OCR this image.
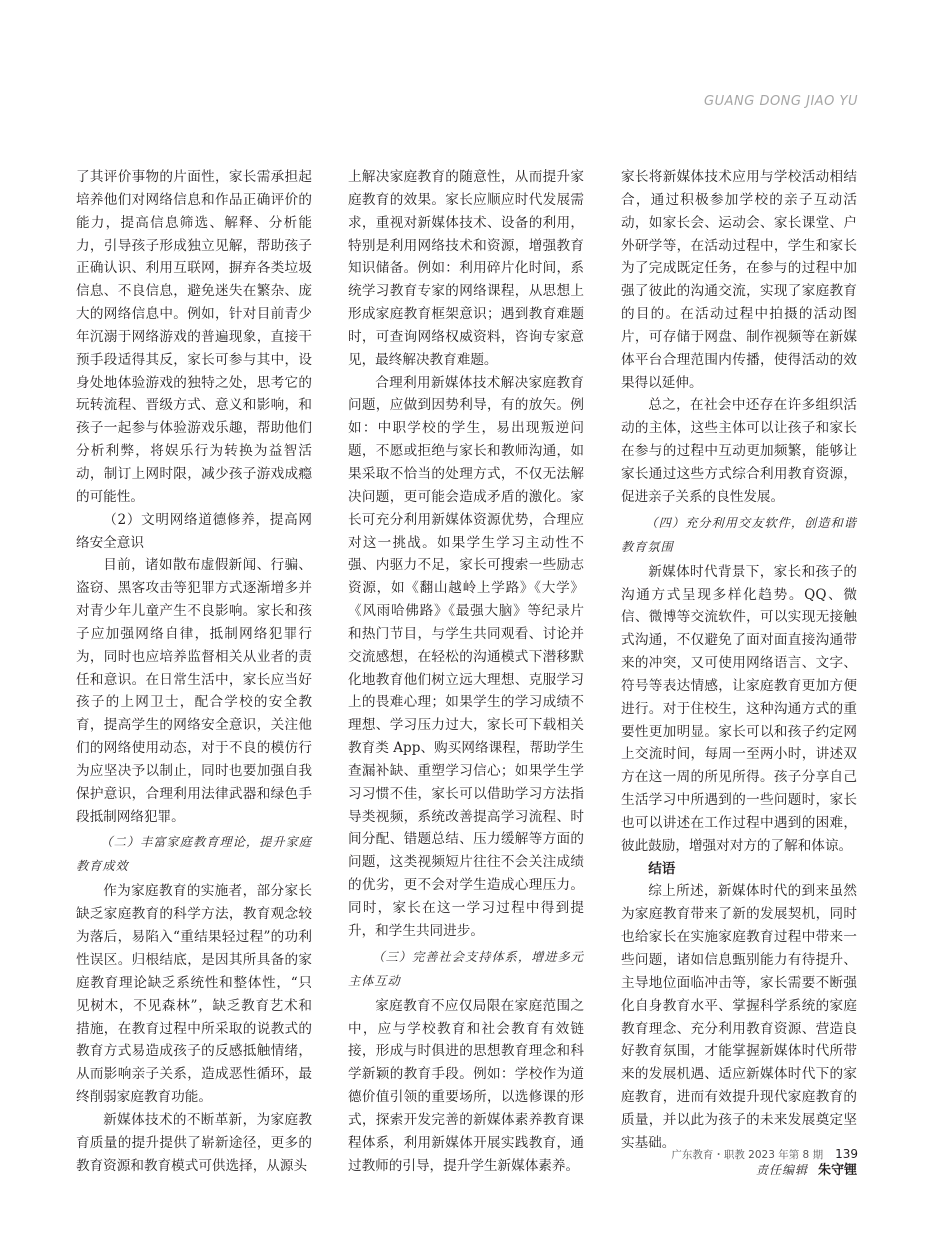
GUANG DONG JIAO YU

了其评价事物的片面性，家长需承担起培养他们对网络信息和作品正确评价的能力，提高信息筛选、解释、分析能力，引导孩子形成独立见解，帮助孩子正确认识、利用互联网，摒弃各类垃圾信息、不良信息，避免迷失在繁杂、庞大的网络信息中。例如，针对目前青少年沉溺于网络游戏的普遍现象，直接干预手段适得其反，家长可参与其中，设身处地体验游戏的独特之处，思考它的玩转流程、晋级方式、意义和影响，和孩子一起参与体验游戏乐趣，帮助他们分析利弊，将娱乐行为转换为益智活动，制订上网时限，减少孩子游戏成瘾的可能性。

（2）文明网络道德修养，提高网络安全意识

目前，诸如散布虚假新闻、行骗、盗窃、黑客攻击等犯罪方式逐渐增多并对青少年儿童产生不良影响。家长和孩子应加强网络自律，抵制网络犯罪行为，同时也应培养监督相关从业者的责任和意识。在日常生活中，家长应当好孩子的上网卫士，配合学校的安全教育，提高学生的网络安全意识，关注他们的网络使用动态，对于不良的模仿行为应坚决予以制止，同时也要加强自我保护意识，合理利用法律武器和绿色手段抵制网络犯罪。

（二）丰富家庭教育理论，提升家庭教育成效

作为家庭教育的实施者，部分家长缺乏家庭教育的科学方法，教育观念较为落后，易陷入“重结果轻过程”的功利性误区。归根结底，是因其所具备的家庭教育理论缺乏系统性和整体性，“只见树木，不见森林”，缺乏教育艺术和措施，在教育过程中所采取的说教式的教育方式易造成孩子的反感抵触情绪，从而影响亲子关系，造成恶性循环，最终削弱家庭教育功能。

新媒体技术的不断革新，为家庭教育质量的提升提供了崭新途径，更多的教育资源和教育模式可供选择，从源头

上解决家庭教育的随意性，从而提升家庭教育的效果。家长应顺应时代发展需求，重视对新媒体技术、设备的利用，特别是利用网络技术和资源，增强教育知识储备。例如：利用碎片化时间，系统学习教育专家的网络课程，从思想上形成家庭教育框架意识；遇到教育难题时，可查询网络权威资料，咨询专家意见，最终解决教育难题。

合理利用新媒体技术解决家庭教育问题，应做到因势利导，有的放矢。例如：中职学校的学生，易出现叛逆问题，不愿或拒绝与家长和教师沟通，如果采取不恰当的处理方式，不仅无法解决问题，更可能会造成矛盾的激化。家长可充分利用新媒体资源优势，合理应对这一挑战。如果学生学习主动性不强、内驱力不足，家长可搜索一些励志资源，如《翻山越岭上学路》《大学》《风雨哈佛路》《最强大脑》等纪录片和热门节目，与学生共同观看、讨论并交流感想，在轻松的沟通模式下潜移默化地教育他们树立远大理想、克服学习上的畏难心理；如果学生的学习成绩不理想、学习压力过大，家长可下载相关教育类 App、购买网络课程，帮助学生查漏补缺、重塑学习信心；如果学生学习习惯不佳，家长可以借助学习方法指导类视频，系统改善提高学习流程、时间分配、错题总结、压力缓解等方面的问题，这类视频短片往往不会关注成绩的优劣，更不会对学生造成心理压力。同时，家长在这一学习过程中得到提升，和学生共同进步。

（三）完善社会支持体系，增进多元主体互动

家庭教育不应仅局限在家庭范围之中，应与学校教育和社会教育有效链接，形成与时俱进的思想教育理念和科学新颖的教育手段。例如：学校作为道德价值引领的重要场所，以选修课的形式，探索开发完善的新媒体素养教育课程体系，利用新媒体开展实践教育，通过教师的引导，提升学生新媒体素养。

家长将新媒体技术应用与学校活动相结合，通过积极参加学校的亲子互动活动，如家长会、运动会、家长课堂、户外研学等，在活动过程中，学生和家长为了完成既定任务，在参与的过程中加强了彼此的沟通交流，实现了家庭教育的目的。在活动过程中拍摄的活动图片，可存储于网盘、制作视频等在新媒体平台合理范围内传播，使得活动的效果得以延伸。

总之，在社会中还存在许多组织活动的主体，这些主体可以让孩子和家长在参与的过程中互动更加频繁，能够让家长通过这些方式综合利用教育资源，促进亲子关系的良性发展。

（四）充分利用交友软件，创造和谐教育氛围

新媒体时代背景下，家长和孩子的沟通方式呈现多样化趋势。QQ、微信、微博等交流软件，可以实现无接触式沟通，不仅避免了面对面直接沟通带来的冲突，又可使用网络语言、文字、符号等表达情感，让家庭教育更加方便进行。对于住校生，这种沟通方式的重要性更加明显。家长可以和孩子约定网上交流时间，每周一至两小时，讲述双方在这一周的所见所得。孩子分享自己生活学习中所遇到的一些问题时，家长也可以讲述在工作过程中遇到的困难，彼此鼓励，增强对对方的了解和体谅。

结语

综上所述，新媒体时代的到来虽然为家庭教育带来了新的发展契机，同时也给家长在实施家庭教育过程中带来一些问题，诸如信息甄别能力有待提升、主导地位面临冲击等，家长需要不断强化自身教育水平、掌握科学系统的家庭教育理念、充分利用教育资源、营造良好教育氛围，才能掌握新媒体时代所带来的发展机遇、适应新媒体时代下的家庭教育，进而有效提升现代家庭教育的质量，并以此为孩子的未来发展奠定坚实基础。

责任编辑 朱守锂

广东教育・职教 2023 年第 8 期 139
